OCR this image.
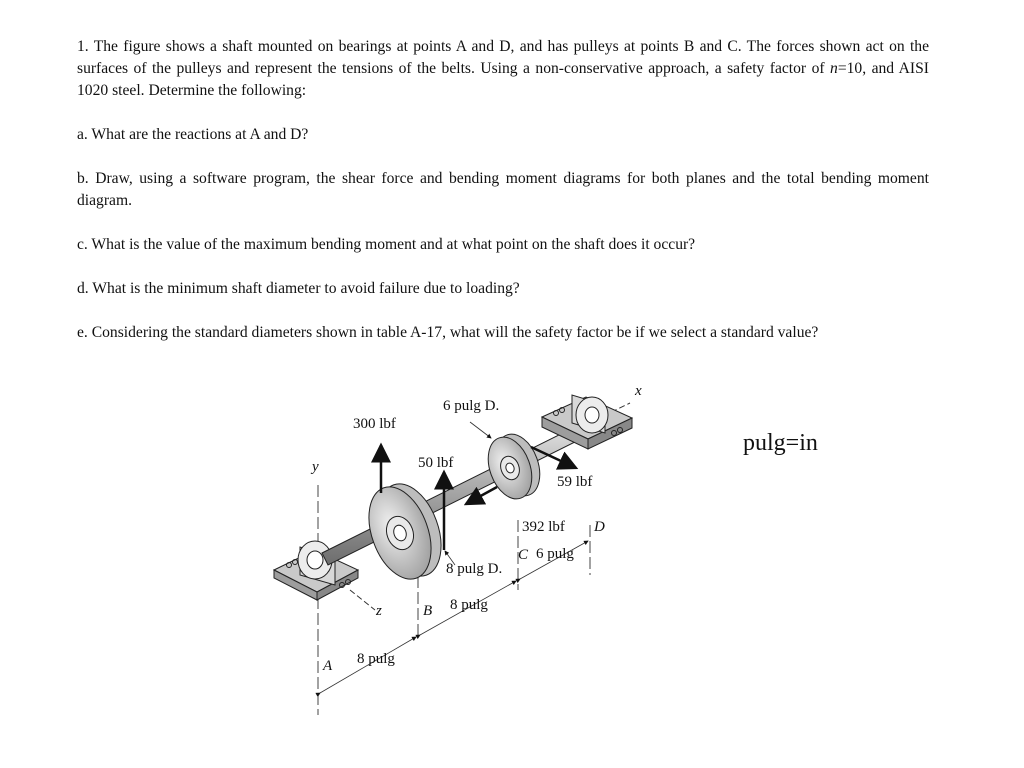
1. The figure shows a shaft mounted on bearings at points A and D, and has pulleys at points B and C. The forces shown act on the surfaces of the pulleys and represent the tensions of the belts. Using a non-conservative approach, a safety factor of n=10, and AISI 1020 steel. Determine the following:

a. What are the reactions at A and D?

b. Draw, using a software program, the shear force and bending moment diagrams for both planes and the total bending moment diagram.

c. What is the value of the maximum bending moment and at what point on the shaft does it occur?

d. What is the minimum shaft diameter to avoid failure due to loading?

e. Considering the standard diameters shown in table A-17, what will the safety factor be if we select a standard value?

300 lbf
6 pulg D.
50 lbf
59 lbf
392 lbf D
C 6 pulg
8 pulg D.
B 8 pulg
8 pulg
A
x
y
z
pulg=in
